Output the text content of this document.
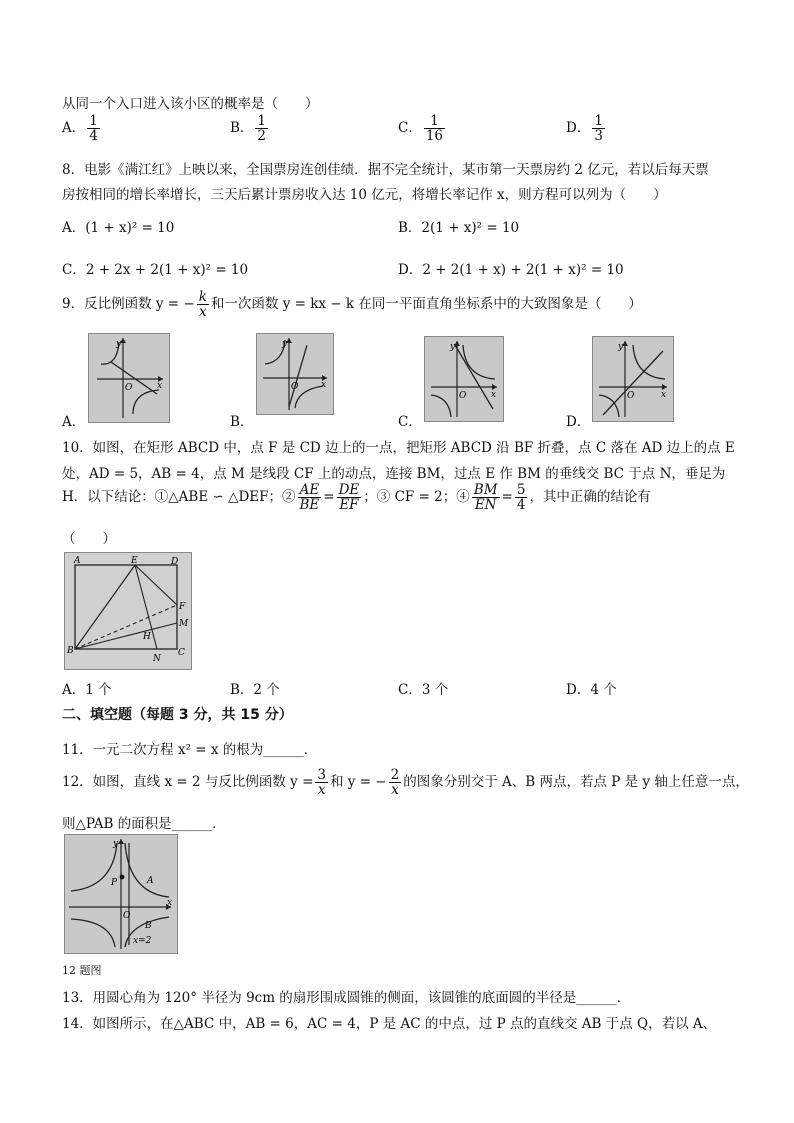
从同一个入口进入该小区的概率是（　　）
A． $\frac{1}{4}$	B． $\frac{1}{2}$	C． $\frac{1}{16}$	D． $\frac{1}{3}$
8．电影《满江红》上映以来，全国票房连创佳绩．据不完全统计，某市第一天票房约 2 亿元，若以后每天票
房按相同的增长率增长，三天后累计票房收入达 10 亿元，将增长率记作 x，则方程可以列为（　　）
A．(1 + x)² = 10	B．2(1 + x)² = 10
C．2 + 2x + 2(1 + x)² = 10	D．2 + 2(1 + x) + 2(1 + x)² = 10
9．反比例函数 y = − $\frac{k}{x}$ 和一次函数 y = kx − k 在同一平面直角坐标系中的大致图象是（　　）
O	x
y
A．
O	x
y
B．
O	x
y
C．
O	x
y
D．
10．如图，在矩形 ABCD 中，点 F 是 CD 边上的一点，把矩形 ABCD 沿 BF 折叠，点 C 落在 AD 边上的点 E
处，AD = 5，AB = 4，点 M 是线段 CF 上的动点，连接 BM，过点 E 作 BM 的垂线交 BC 于点 N，垂足为
H．以下结论：①△ABE ∽ △DEF；② $\frac{AE}{BE} = \frac{DE}{EF}$ ；③ CF = 2；④ $\frac{BM}{EN} = \frac{5}{4}$ ，其中正确的结论有
（　　）
A	E	D
F
M
H
B
N
C
A．1 个	B．2 个	C．3 个	D．4 个
二、填空题（每题 3 分，共 15 分）
11．一元二次方程 x² = x 的根为______．
12．如图，直线 x = 2 与反比例函数 $y = \frac{3}{x}$ 和 y = − $\frac{2}{x}$ 的图象分别交于 A、B 两点，若点 P 是 y 轴上任意一点，
则△PAB 的面积是______．
y
x
O
P	A
B
x=2
12 题图
13．用圆心角为 120° 半径为 9cm 的扇形围成圆锥的侧面，该圆锥的底面圆的半径是______．
14．如图所示，在△ABC 中，AB = 6，AC = 4，P 是 AC 的中点，过 P 点的直线交 AB 于点 Q，若以 A、
